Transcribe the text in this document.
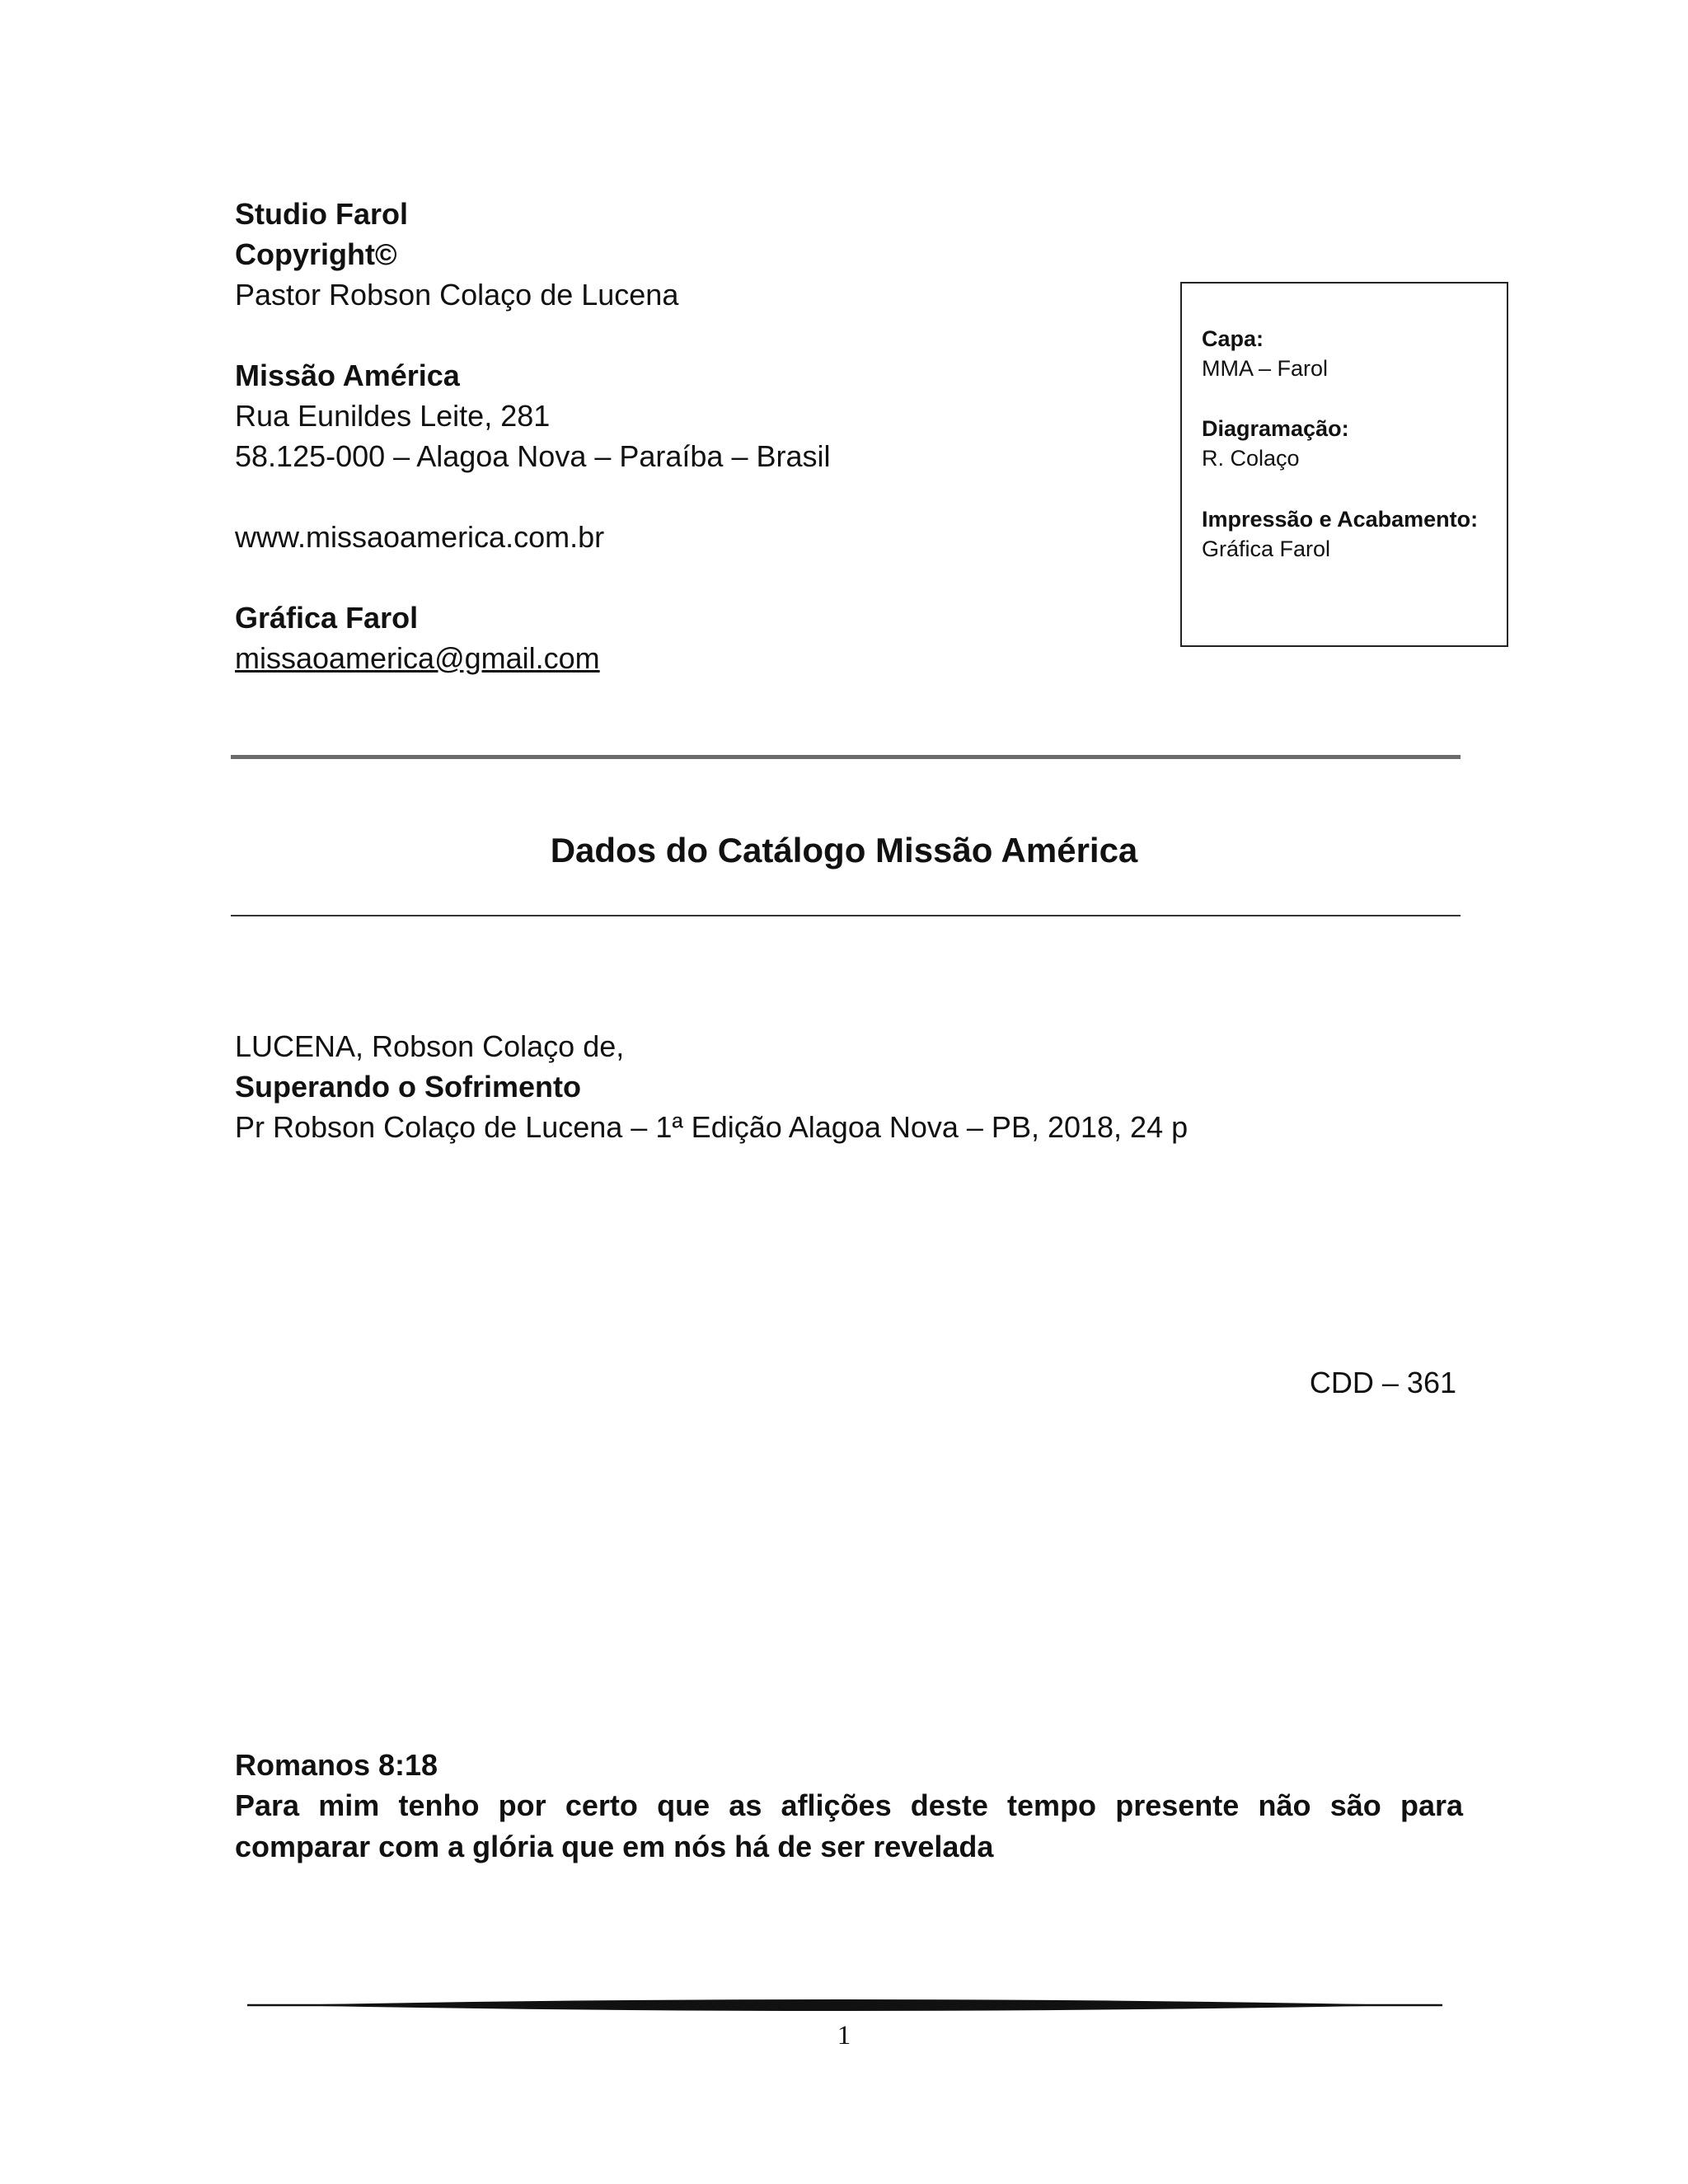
Studio Farol
Copyright©
Pastor Robson Colaço de Lucena
Missão América
Rua Eunildes Leite, 281
58.125-000 – Alagoa Nova – Paraíba – Brasil
www.missaoamerica.com.br
Gráfica Farol
missaoamerica@gmail.com
Capa:
MMA – Farol
Diagramação:
R. Colaço
Impressão e Acabamento:
Gráfica Farol
Dados do Catálogo Missão América
LUCENA, Robson Colaço de,
Superando o Sofrimento
Pr Robson Colaço de Lucena – 1ª Edição Alagoa Nova – PB, 2018, 24 p
CDD – 361
Romanos 8:18
Para mim tenho por certo que as aflições deste tempo presente não são para comparar com a glória que em nós há de ser revelada
1
